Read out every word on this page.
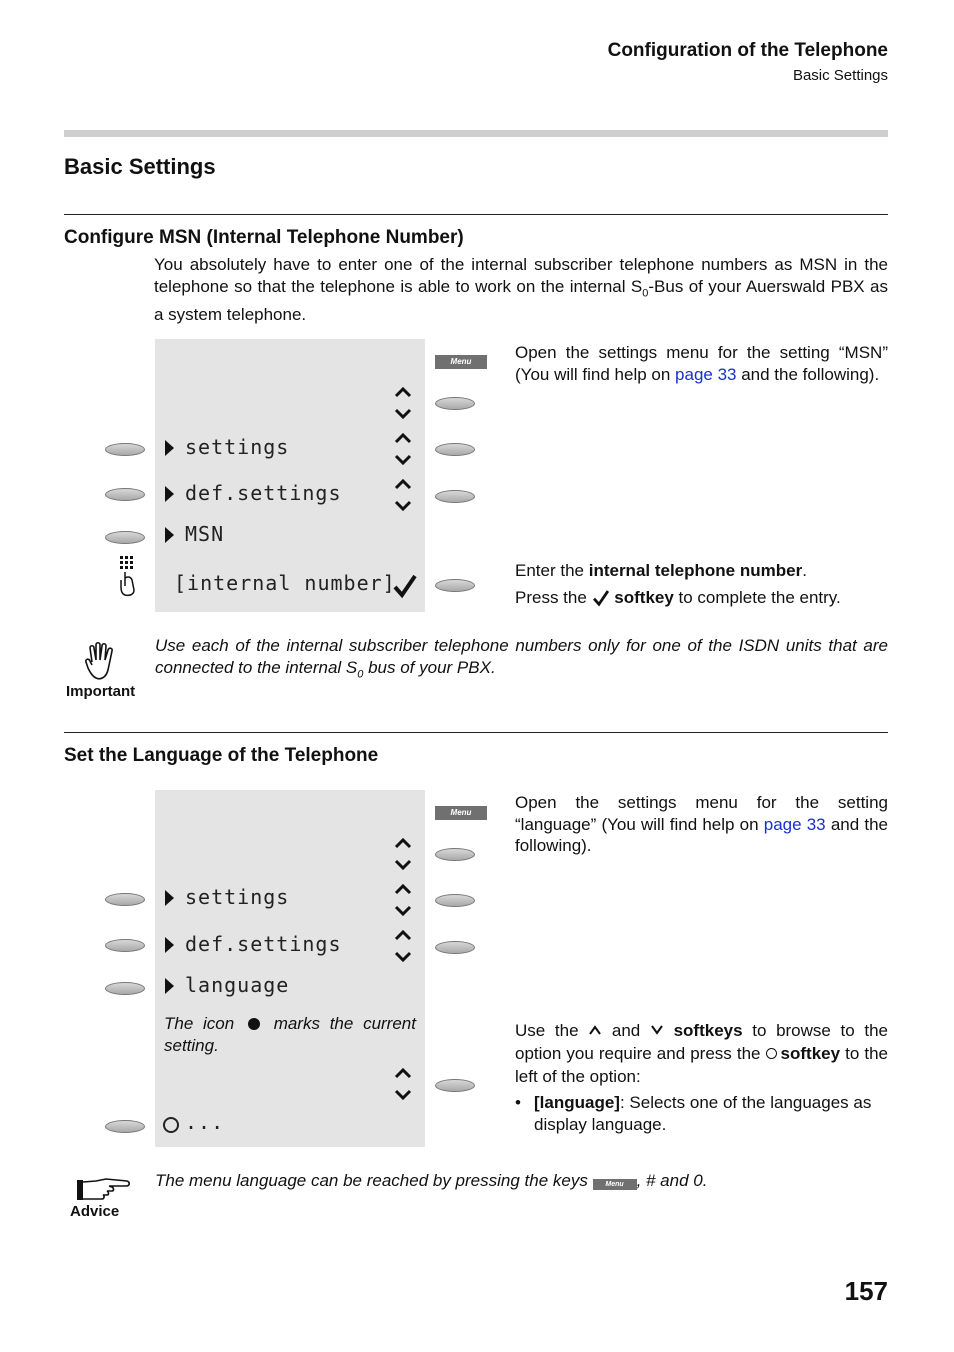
Configuration of the Telephone
Basic Settings
Basic Settings
Configure MSN (Internal Telephone Number)
You absolutely have to enter one of the internal subscriber telephone numbers as MSN in the telephone so that the telephone is able to work on the internal $S_0$-Bus of your Auerswald PBX as a system telephone.
Menu
settings
def.settings
MSN
[internal number]
Open the settings menu for the setting “MSN” (You will find help on page 33 and the following).
Enter the internal telephone number.
Press the  softkey to complete the entry.
Important
Use each of the internal subscriber telephone numbers only for one of the ISDN units that are connected to the internal $S_0$ bus of your PBX.
Set the Language of the Telephone
Menu
settings
def.settings
language
The icon  marks the current setting.
...
Open the settings menu for the setting “language” (You will find help on page 33 and the following).
Use the  and  softkeys to browse to the option you require and press the softkey to the left of the option:
• [language]: Selects one of the languages as display language.
Advice
The menu language can be reached by pressing the keys Menu , # and 0.
157
